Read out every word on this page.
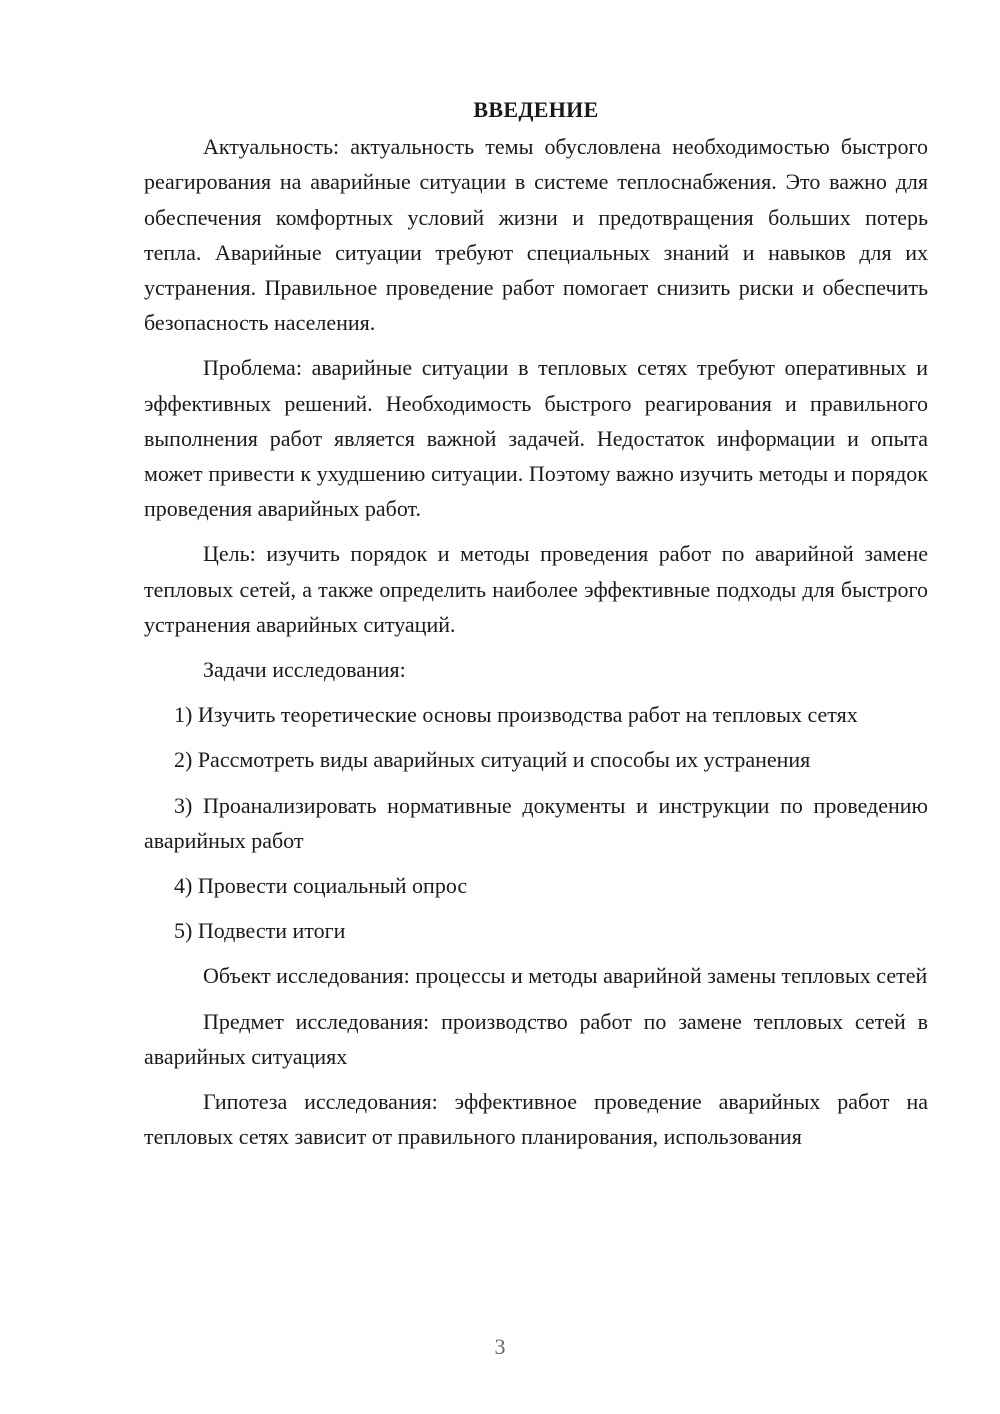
ВВЕДЕНИЕ

Актуальность: актуальность темы обусловлена необходимостью быстрого реагирования на аварийные ситуации в системе теплоснабжения. Это важно для обеспечения комфортных условий жизни и предотвращения больших потерь тепла. Аварийные ситуации требуют специальных знаний и навыков для их устранения. Правильное проведение работ помогает снизить риски и обеспечить безопасность населения.

Проблема: аварийные ситуации в тепловых сетях требуют оперативных и эффективных решений. Необходимость быстрого реагирования и правильного выполнения работ является важной задачей. Недостаток информации и опыта может привести к ухудшению ситуации. Поэтому важно изучить методы и порядок проведения аварийных работ.

Цель: изучить порядок и методы проведения работ по аварийной замене тепловых сетей, а также определить наиболее эффективные подходы для быстрого устранения аварийных ситуаций.

Задачи исследования:

1) Изучить теоретические основы производства работ на тепловых сетях

2) Рассмотреть виды аварийных ситуаций и способы их устранения

3) Проанализировать нормативные документы и инструкции по проведению аварийных работ

4) Провести социальный опрос

5) Подвести итоги

Объект исследования: процессы и методы аварийной замены тепловых сетей

Предмет исследования: производство работ по замене тепловых сетей в аварийных ситуациях

Гипотеза исследования: эффективное проведение аварийных работ на тепловых сетях зависит от правильного планирования, использования

3
